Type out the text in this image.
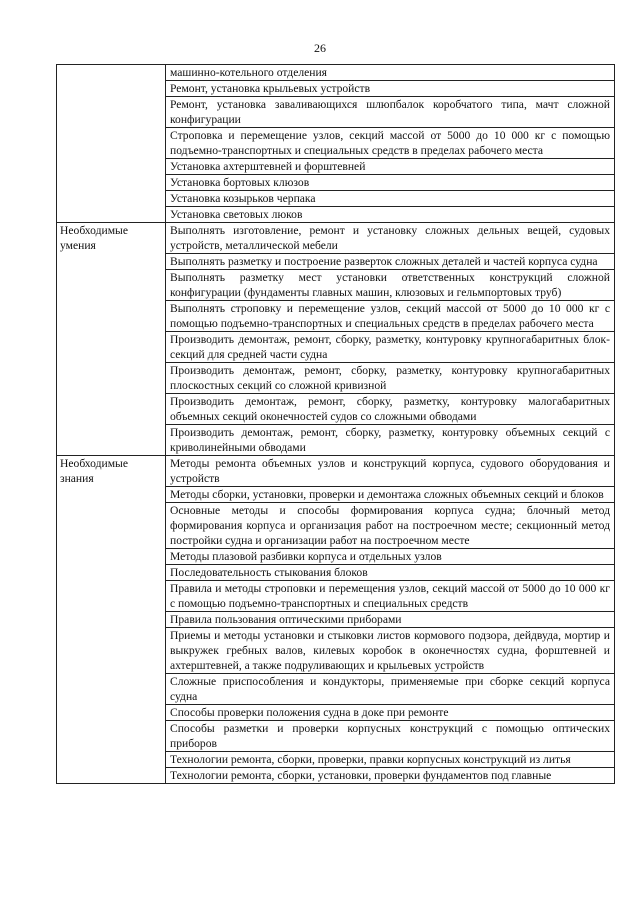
26
	машинно-котельного отделения
	Ремонт, установка крыльевых устройств
	Ремонт, установка заваливающихся шлюпбалок коробчатого типа, мачт сложной конфигурации
	Строповка и перемещение узлов, секций массой от 5000 до 10 000 кг с помощью подъемно-транспортных и специальных средств в пределах рабочего места
	Установка ахтерштевней и форштевней
	Установка бортовых клюзов
	Установка козырьков черпака
	Установка световых люков
Необходимые умения	Выполнять изготовление, ремонт и установку сложных дельных вещей, судовых устройств, металлической мебели
	Выполнять разметку и построение разверток сложных деталей и частей корпуса судна
	Выполнять разметку мест установки ответственных конструкций сложной конфигурации (фундаменты главных машин, клюзовых и гельмпортовых труб)
	Выполнять строповку и перемещение узлов, секций массой от 5000 до 10 000 кг с помощью подъемно-транспортных и специальных средств в пределах рабочего места
	Производить демонтаж, ремонт, сборку, разметку, контуровку крупногабаритных блок-секций для средней части судна
	Производить демонтаж, ремонт, сборку, разметку, контуровку крупногабаритных плоскостных секций со сложной кривизной
	Производить демонтаж, ремонт, сборку, разметку, контуровку малогабаритных объемных секций оконечностей судов со сложными обводами
	Производить демонтаж, ремонт, сборку, разметку, контуровку объемных секций с криволинейными обводами
Необходимые знания	Методы ремонта объемных узлов и конструкций корпуса, судового оборудования и устройств
	Методы сборки, установки, проверки и демонтажа сложных объемных секций и блоков
	Основные методы и способы формирования корпуса судна; блочный метод формирования корпуса и организация работ на построечном месте; секционный метод постройки судна и организации работ на построечном месте
	Методы плазовой разбивки корпуса и отдельных узлов
	Последовательность стыкования блоков
	Правила и методы строповки и перемещения узлов, секций массой от 5000 до 10 000 кг с помощью подъемно-транспортных и специальных средств
	Правила пользования оптическими приборами
	Приемы и методы установки и стыковки листов кормового подзора, дейдвуда, мортир и выкружек гребных валов, килевых коробок в оконечностях судна, форштевней и ахтерштевней, а также подруливающих и крыльевых устройств
	Сложные приспособления и кондукторы, применяемые при сборке секций корпуса судна
	Способы проверки положения судна в доке при ремонте
	Способы разметки и проверки корпусных конструкций с помощью оптических приборов
	Технологии ремонта, сборки, проверки, правки корпусных конструкций из литья
	Технологии ремонта, сборки, установки, проверки фундаментов под главные
